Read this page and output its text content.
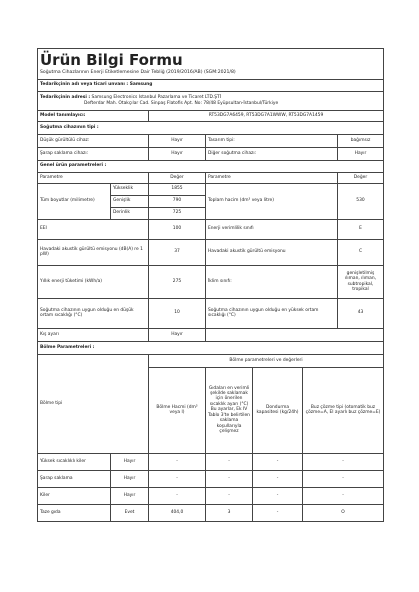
Ürün Bilgi Formu						
Soğutma Cihazlarının Enerji Etiketlemesine Dair Tebliğ (2019/2016/AB) (SGM:2021/8)						
Tedarikçinin adı veya ticari unvanı : Samsung						
Tedarikçinin adresi : Samsung Electronics Istanbul Pazarlama ve Ticaret LTD.ŞTİ
Defterdar Mah. Otakçılar Cad. Sinpaş Flatofis Apt. No: 78/48 Eyüpsultan-İstanbul/Türkiye						
Model tanımlayıcı:		RT53DG7A6459, RT53DG7A1WWW, RT53DG7A1459				
Soğutma cihazının tipi :						
Düşük gürültülü cihaz:		Hayır	Tasarım tipi:			bağımsız
Şarap saklama cihazı:		Hayır	Diğer soğutma cihazı:			Hayır
Genel ürün parametreleri :						
Parametre		Değer	Parametre			Değer
Tüm boyutlar (milimetre)	Yükseklik	1855	Toplam hacim (dm³ veya litre)			530
	Genişlik	790				
	Derinlik	725				
EEI		100	Enerji verimlilik sınıfı			E
Havadaki akustik gürültü emisyonu (dB(A) re 1 pW)		37	Havadaki akustik gürültü emisyonu			C
Yıllık enerji tüketimi (kWh/a)		275	İklim sınıfı:			genişletilmiş ılıman, ılıman, subtropikal, tropikal
Soğutma cihazının uygun olduğu en düşük ortam sıcaklığı (°C)		10	Soğutma cihazının uygun olduğu en yüksek ortam sıcaklığı (°C)			43
Kış ayarı		Hayır				
Bölme Parametreleri :						
Bölme tipi		Bölme parametreleri ve değerleri				
		Bölme Hacmi (dm³ veya l)	Gıdaları en verimli şekilde saklamak için önerilen sıcaklık ayarı (°C) Bu ayarlar, Ek IV Tablo 3'te belirtilen saklama koşullarıyla çelişmez	Dondurma kapasitesi (kg/24h)	Buz çözme tipi (otomatik buz çözme=A, El ayarlı buz çözme=E)	
Yüksek sıcaklıklı kiler	Hayır	-	-	-	-	
Şarap saklama	Hayır	-	-	-	-	
Kiler	Hayır	-	-	-	-	
Taze gıda	Evet	404,0	3	-	O	
